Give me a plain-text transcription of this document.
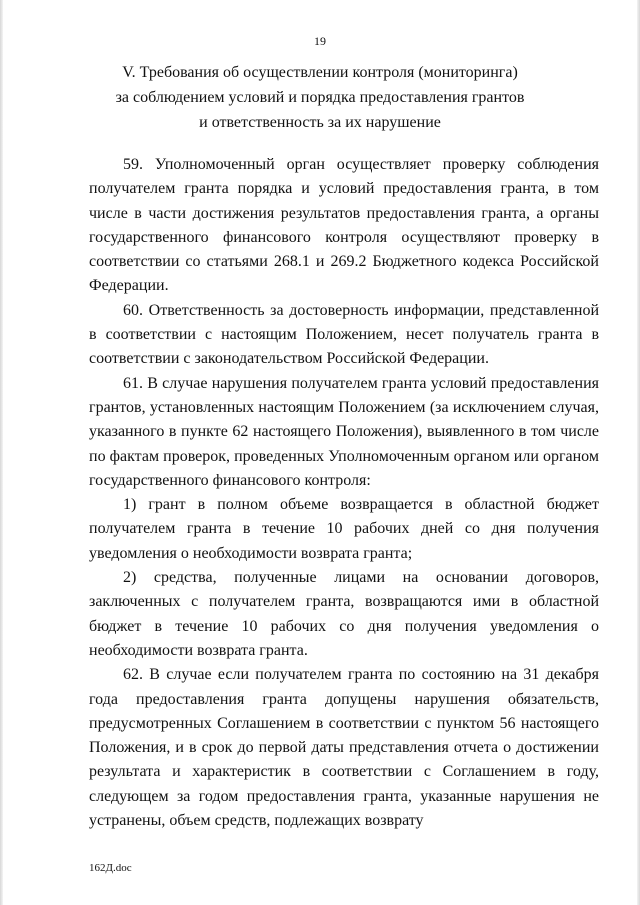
19
V. Требования об осуществлении контроля (мониторинга)
за соблюдением условий и порядка предоставления грантов
и ответственность за их нарушение

59. Уполномоченный орган осуществляет проверку соблюдения получателем гранта порядка и условий предоставления гранта, в том числе в части достижения результатов предоставления гранта, а органы государственного финансового контроля осуществляют проверку в соответствии со статьями 268.1 и 269.2 Бюджетного кодекса Российской Федерации.

60. Ответственность за достоверность информации, представленной в соответствии с настоящим Положением, несет получатель гранта в соответствии с законодательством Российской Федерации.

61. В случае нарушения получателем гранта условий предоставления грантов, установленных настоящим Положением (за исключением случая, указанного в пункте 62 настоящего Положения), выявленного в том числе по фактам проверок, проведенных Уполномоченным органом или органом государственного финансового контроля:

1) грант в полном объеме возвращается в областной бюджет получателем гранта в течение 10 рабочих дней со дня получения уведомления о необходимости возврата гранта;

2) средства, полученные лицами на основании договоров, заключенных с получателем гранта, возвращаются ими в областной бюджет в течение 10 рабочих со дня получения уведомления о необходимости возврата гранта.

62. В случае если получателем гранта по состоянию на 31 декабря года предоставления гранта допущены нарушения обязательств, предусмотренных Соглашением в соответствии с пунктом 56 настоящего Положения, и в срок до первой даты представления отчета о достижении результата и характеристик в соответствии с Соглашением в году, следующем за годом предоставления гранта, указанные нарушения не устранены, объем средств, подлежащих возврату

162Д.doc
